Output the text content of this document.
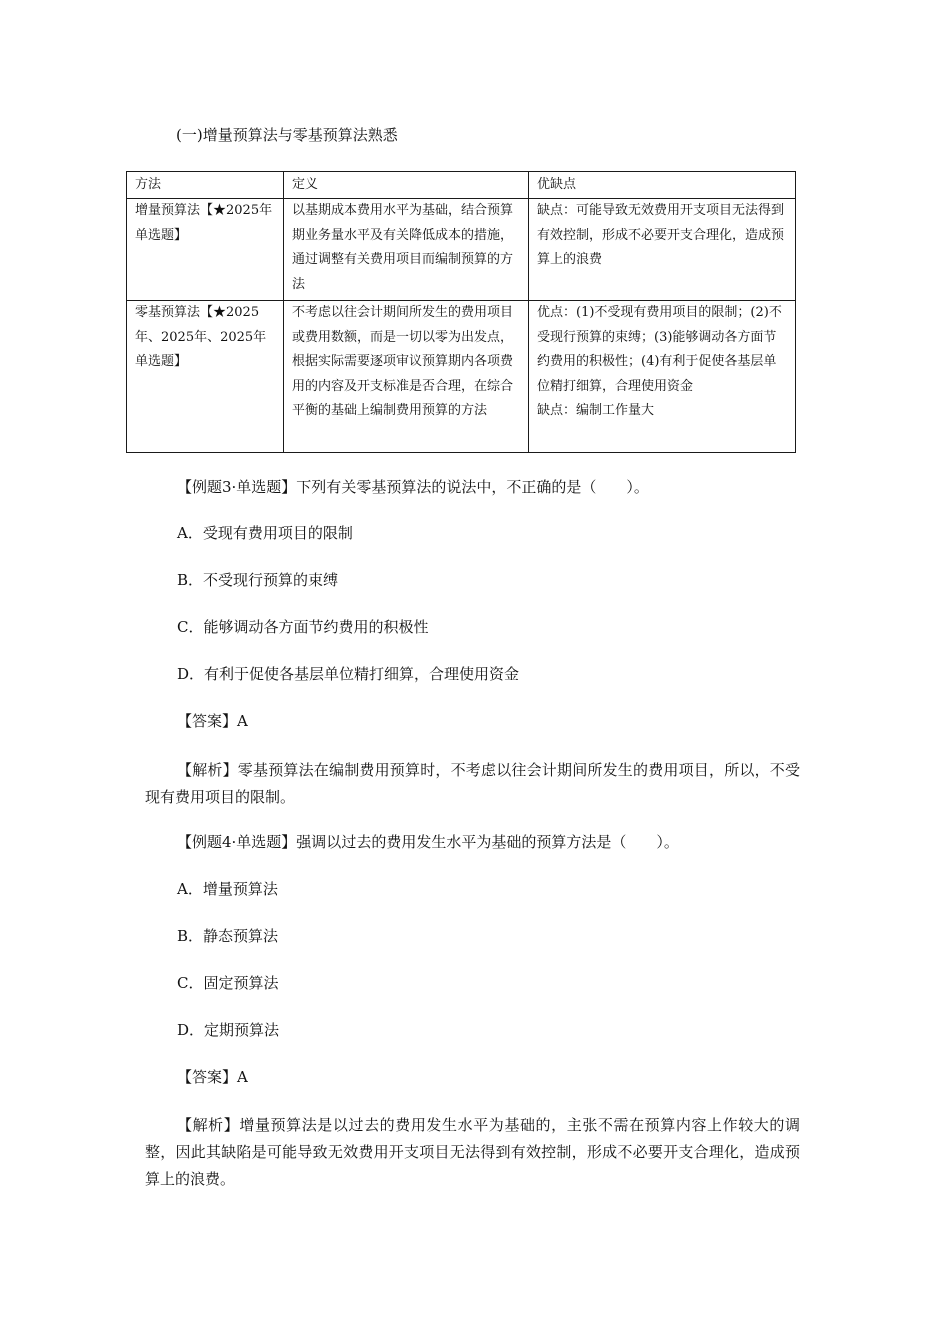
(一)增量预算法与零基预算法熟悉
方法	定义	优缺点
增量预算法【★2025年单选题】	以基期成本费用水平为基础，结合预算期业务量水平及有关降低成本的措施，通过调整有关费用项目而编制预算的方法	缺点：可能导致无效费用开支项目无法得到有效控制，形成不必要开支合理化，造成预算上的浪费

零基预算法【★2025年、2025年、2025年单选题】	不考虑以往会计期间所发生的费用项目或费用数额，而是一切以零为出发点，根据实际需要逐项审议预算期内各项费用的内容及开支标准是否合理，在综合平衡的基础上编制费用预算的方法	优点：(1)不受现有费用项目的限制；(2)不受现行预算的束缚；(3)能够调动各方面节约费用的积极性；(4)有利于促使各基层单位精打细算，合理使用资金
缺点：编制工作量大
【例题3·单选题】下列有关零基预算法的说法中，不正确的是（　　）。
A．受现有费用项目的限制
B．不受现行预算的束缚
C．能够调动各方面节约费用的积极性
D．有利于促使各基层单位精打细算，合理使用资金
【答案】A
【解析】零基预算法在编制费用预算时，不考虑以往会计期间所发生的费用项目，所以，不受现有费用项目的限制。
【例题4·单选题】强调以过去的费用发生水平为基础的预算方法是（　　）。
A．增量预算法
B．静态预算法
C．固定预算法
D．定期预算法
【答案】A
【解析】增量预算法是以过去的费用发生水平为基础的，主张不需在预算内容上作较大的调整，因此其缺陷是可能导致无效费用开支项目无法得到有效控制，形成不必要开支合理化，造成预算上的浪费。
